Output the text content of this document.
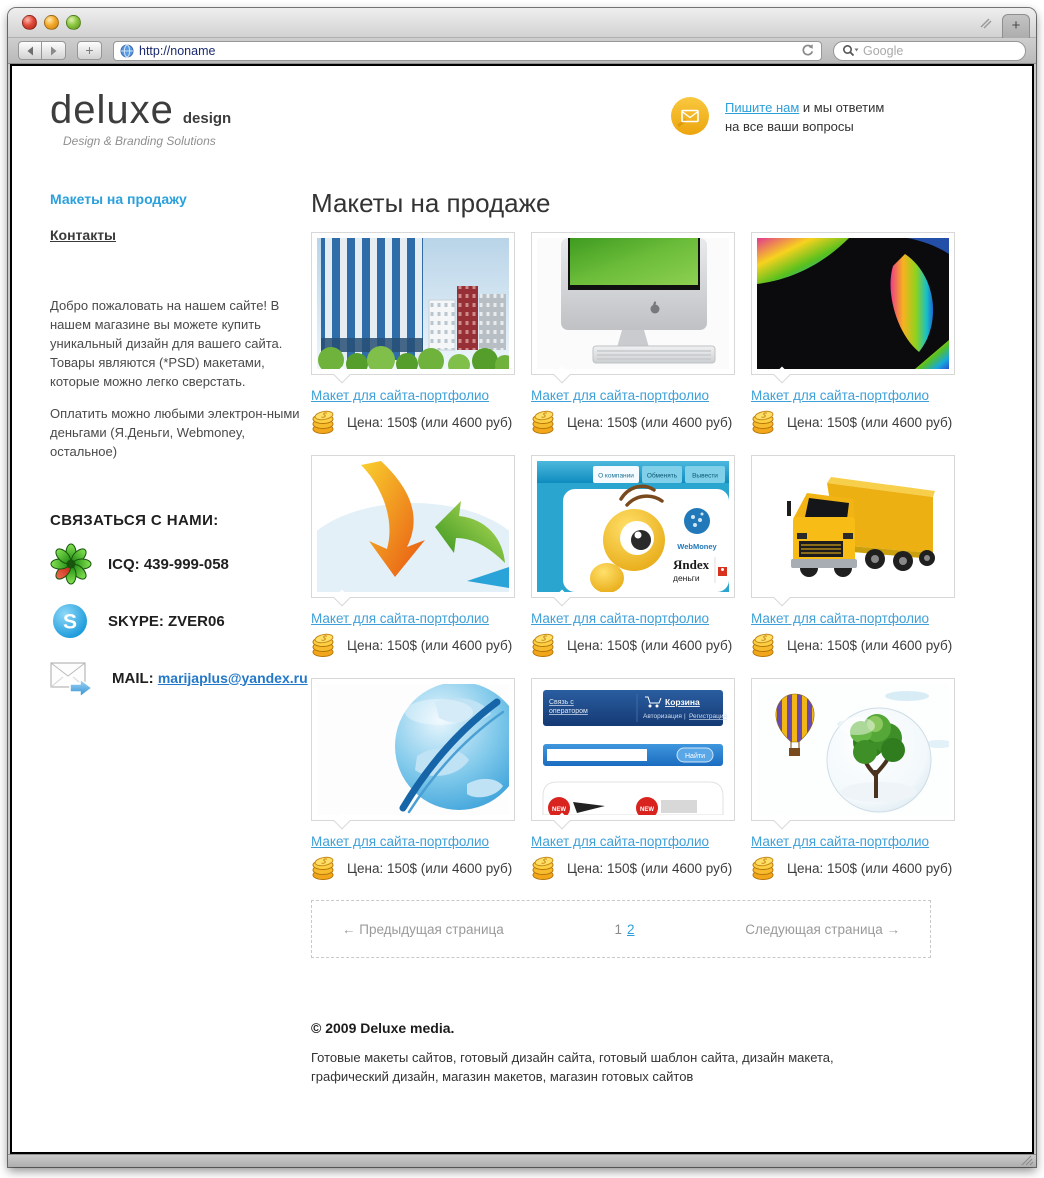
+
+	http://noname	Google
deluxe design
Design & Branding Solutions
Пишите нам и мы ответим
на все ваши вопросы
Макеты на продажу
Контакты

Добро пожаловать на нашем сайте! В нашем магазине вы можете купить уникальный дизайн для вашего сайта. Товары являются (*PSD) макетами, которые можно легко сверстать.

Оплатить можно любыми электрон-ными деньгами (Я.Деньги, Webmoney, остальное)

СВЯЗАТЬСЯ С НАМИ:
ICQ: 439-999-058
S SKYPE: ZVER06
MAIL: marijaplus@yandex.ru
Макеты на продаже
Макет для сайта-портфолио
Цена: 150$ (или 4600 руб)
Макет для сайта-портфолио
Цена: 150$ (или 4600 руб)
Макет для сайта-портфолио
Цена: 150$ (или 4600 руб)
Макет для сайта-портфолио
Цена: 150$ (или 4600 руб)
О компании Обменять Вывести
WebMoney
Яndex
деньги
Макет для сайта-портфолио
Цена: 150$ (или 4600 руб)
Макет для сайта-портфолио
Цена: 150$ (или 4600 руб)
Макет для сайта-портфолио
Цена: 150$ (или 4600 руб)
Связь с
оператором
Корзина
Авторизация | Регистрация
Найти
NEW	NEW
Макет для сайта-портфолио
Цена: 150$ (или 4600 руб)
Макет для сайта-портфолио
Цена: 150$ (или 4600 руб)
← Предыдущая страница	1 2	Следующая страница →
© 2009 Deluxe media.

Готовые макеты сайтов, готовый дизайн сайта, готовый шаблон сайта, дизайн макета, графический дизайн, магазин макетов, магазин готовых сайтов
